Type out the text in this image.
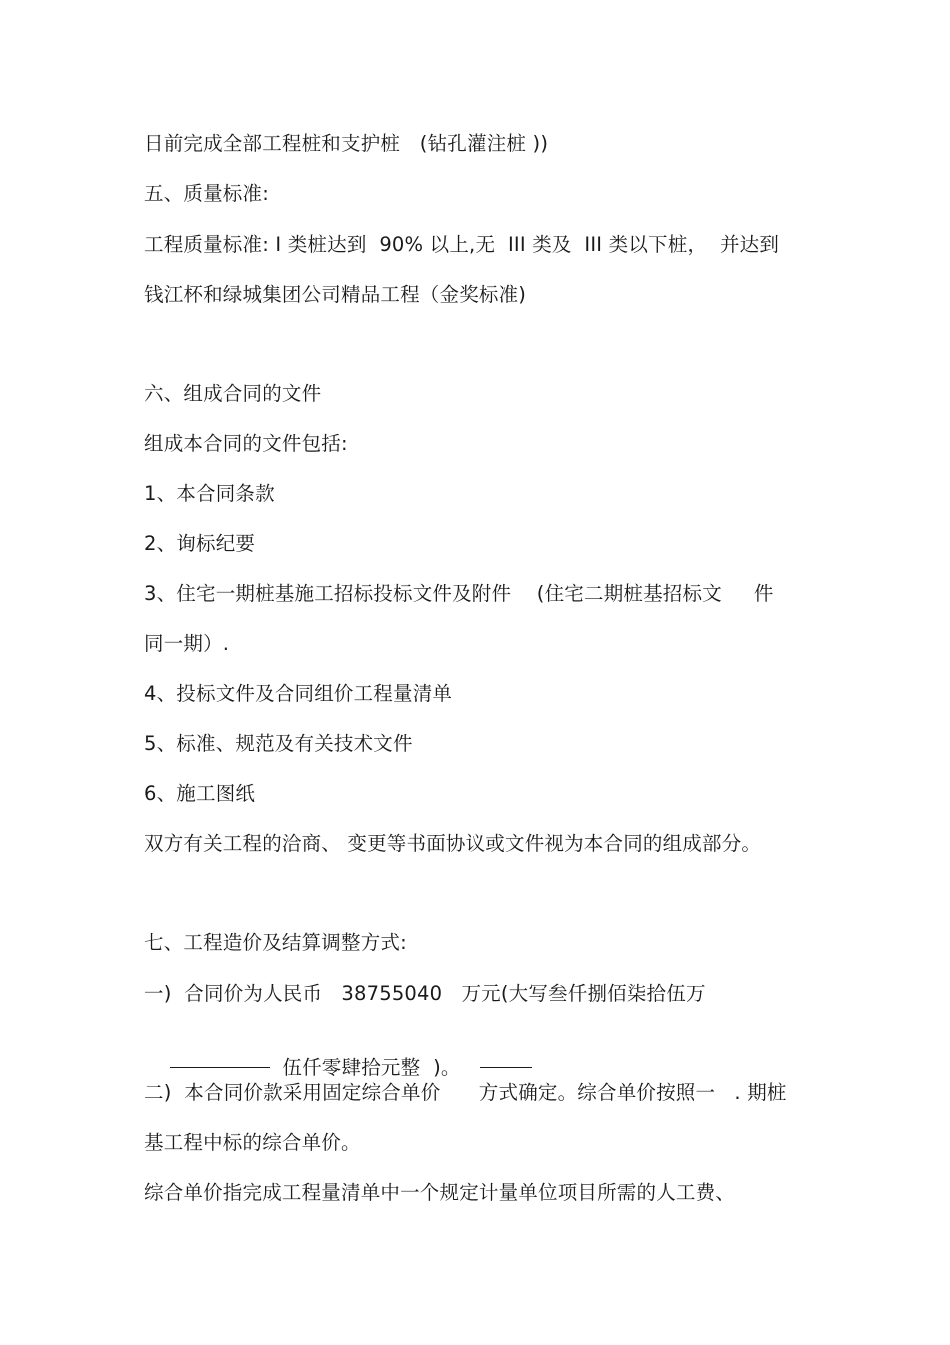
日前完成全部工程桩和支护桩　(钻孔灌注桩 ))
五、质量标准:
工程质量标准: I 类桩达到  90% 以上,无  III 类及  III 类以下桩，  并达到
钱江杯和绿城集团公司精品工程（金奖标准)
六、组成合同的文件
组成本合同的文件包括:
1、本合同条款
2、询标纪要
3、住宅一期桩基施工招标投标文件及附件    (住宅二期桩基招标文     件
同一期）.
4、投标文件及合同组价工程量清单
5、标准、规范及有关技术文件
6、施工图纸
双方有关工程的洽商、 变更等书面协议或文件视为本合同的组成部分。
七、工程造价及结算调整方式:
一)  合同价为人民币   38755040   万元(大写叁仟捌佰柒拾伍万

伍仟零肆拾元整  )。

二)  本合同价款采用固定综合单价      方式确定。综合单价按照一   . 期桩
基工程中标的综合单价。
综合单价指完成工程量清单中一个规定计量单位项目所需的人工费、
